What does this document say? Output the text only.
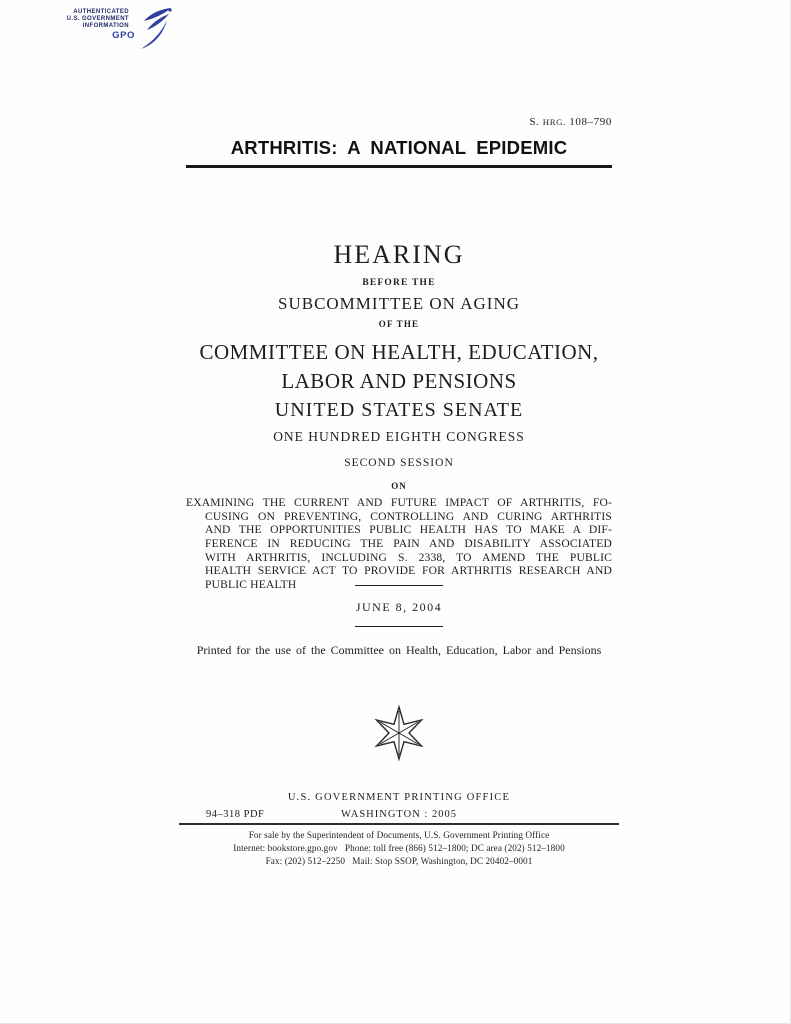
AUTHENTICATED
U.S. GOVERNMENT
INFORMATION
GPO
S. HRG. 108–790
ARTHRITIS: A NATIONAL EPIDEMIC
HEARING
BEFORE THE
SUBCOMMITTEE ON AGING
OF THE
COMMITTEE ON HEALTH, EDUCATION,
LABOR AND PENSIONS
UNITED STATES SENATE
ONE HUNDRED EIGHTH CONGRESS
SECOND SESSION
ON
EXAMINING THE CURRENT AND FUTURE IMPACT OF ARTHRITIS, FO-
CUSING ON PREVENTING, CONTROLLING AND CURING ARTHRITIS
AND THE OPPORTUNITIES PUBLIC HEALTH HAS TO MAKE A DIF-
FERENCE IN REDUCING THE PAIN AND DISABILITY ASSOCIATED
WITH ARTHRITIS, INCLUDING S. 2338, TO AMEND THE PUBLIC
HEALTH SERVICE ACT TO PROVIDE FOR ARTHRITIS RESEARCH AND
PUBLIC HEALTH
JUNE 8, 2004
Printed for the use of the Committee on Health, Education, Labor and Pensions
U.S. GOVERNMENT PRINTING OFFICE
94–318 PDF	WASHINGTON : 2005
For sale by the Superintendent of Documents, U.S. Government Printing Office
Internet: bookstore.gpo.gov   Phone: toll free (866) 512–1800; DC area (202) 512–1800
Fax: (202) 512–2250   Mail: Stop SSOP, Washington, DC 20402–0001
